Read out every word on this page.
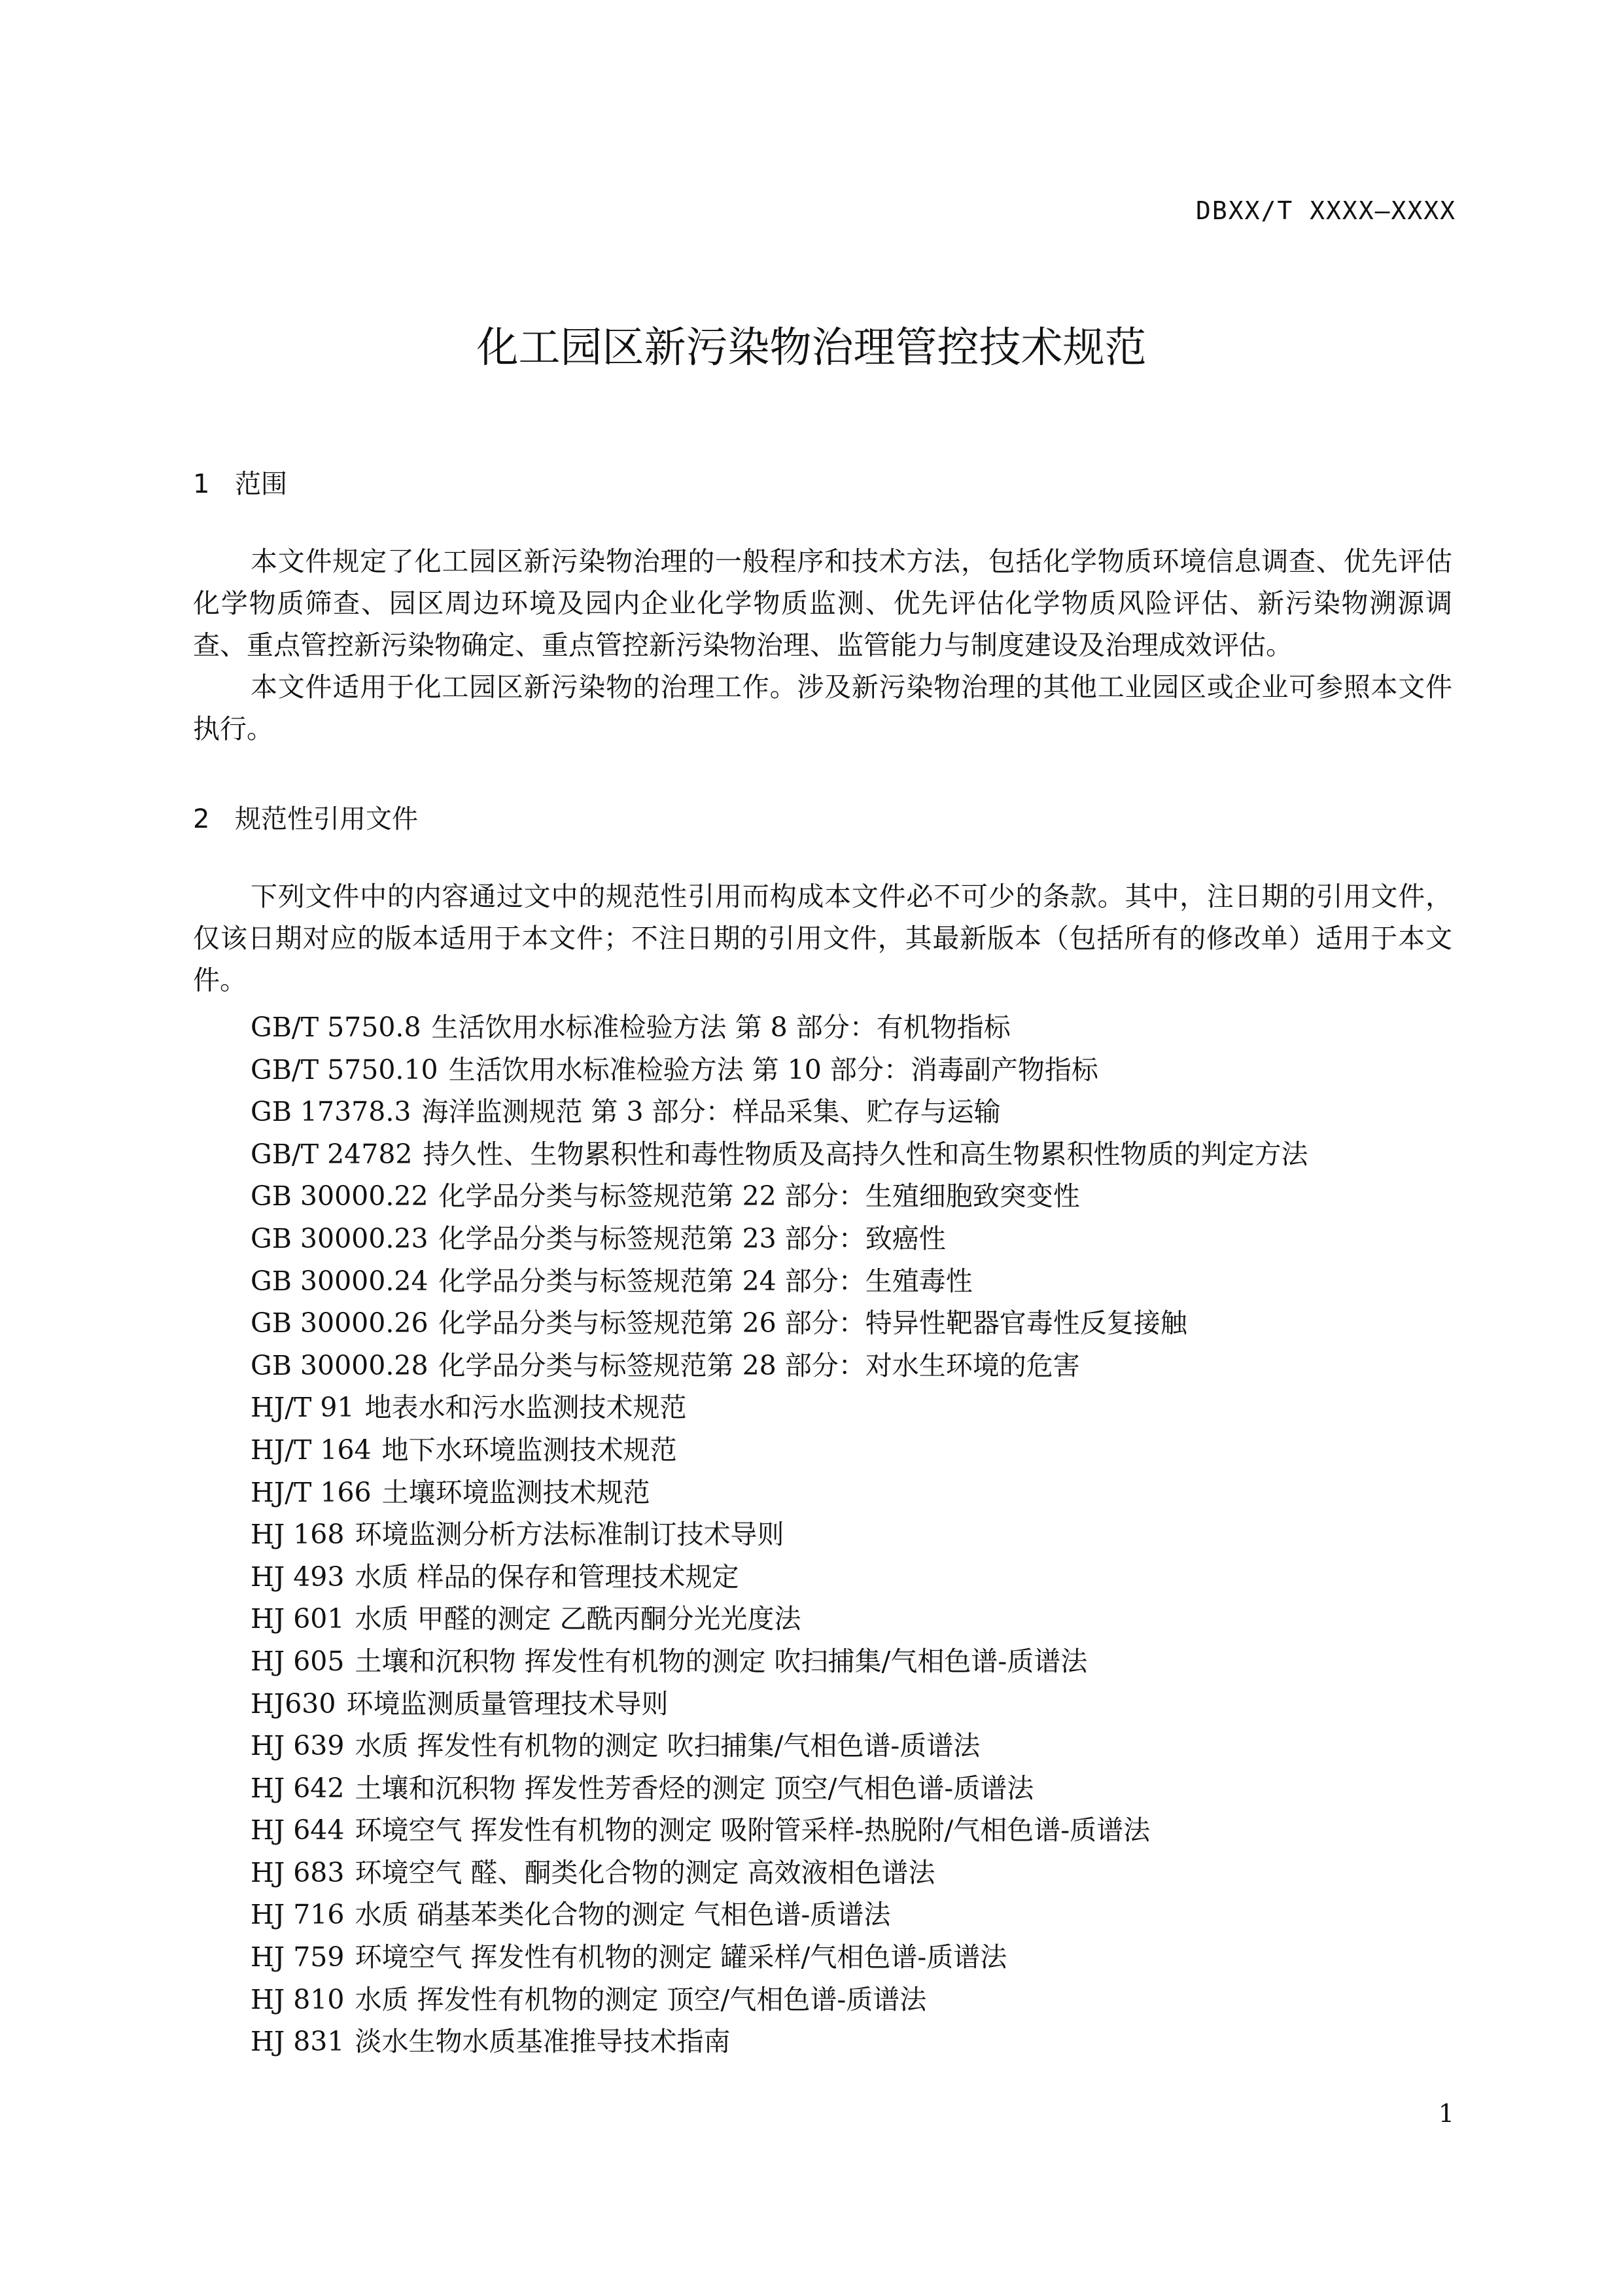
DBXX/T XXXX—XXXX
化工园区新污染物治理管控技术规范
1 范围

本文件规定了化工园区新污染物治理的一般程序和技术方法，包括化学物质环境信息调查、优先评估化学物质筛查、园区周边环境及园内企业化学物质监测、优先评估化学物质风险评估、新污染物溯源调查、重点管控新污染物确定、重点管控新污染物治理、监管能力与制度建设及治理成效评估。

本文件适用于化工园区新污染物的治理工作。涉及新污染物治理的其他工业园区或企业可参照本文件执行。

2 规范性引用文件

下列文件中的内容通过文中的规范性引用而构成本文件必不可少的条款。其中，注日期的引用文件，仅该日期对应的版本适用于本文件；不注日期的引用文件，其最新版本（包括所有的修改单）适用于本文件。

GB/T 5750.8 生活饮用水标准检验方法 第 8 部分：有机物指标
GB/T 5750.10 生活饮用水标准检验方法 第 10 部分：消毒副产物指标
GB 17378.3 海洋监测规范 第 3 部分：样品采集、贮存与运输
GB/T 24782 持久性、生物累积性和毒性物质及高持久性和高生物累积性物质的判定方法
GB 30000.22 化学品分类与标签规范第 22 部分：生殖细胞致突变性
GB 30000.23 化学品分类与标签规范第 23 部分：致癌性
GB 30000.24 化学品分类与标签规范第 24 部分：生殖毒性
GB 30000.26 化学品分类与标签规范第 26 部分：特异性靶器官毒性反复接触
GB 30000.28 化学品分类与标签规范第 28 部分：对水生环境的危害
HJ/T 91 地表水和污水监测技术规范
HJ/T 164 地下水环境监测技术规范
HJ/T 166 土壤环境监测技术规范
HJ 168 环境监测分析方法标准制订技术导则
HJ 493 水质 样品的保存和管理技术规定
HJ 601 水质 甲醛的测定 乙酰丙酮分光光度法
HJ 605 土壤和沉积物 挥发性有机物的测定 吹扫捕集/气相色谱-质谱法
HJ630 环境监测质量管理技术导则
HJ 639 水质 挥发性有机物的测定 吹扫捕集/气相色谱-质谱法
HJ 642 土壤和沉积物 挥发性芳香烃的测定 顶空/气相色谱-质谱法
HJ 644 环境空气 挥发性有机物的测定 吸附管采样-热脱附/气相色谱-质谱法
HJ 683 环境空气 醛、酮类化合物的测定 高效液相色谱法
HJ 716 水质 硝基苯类化合物的测定 气相色谱-质谱法
HJ 759 环境空气 挥发性有机物的测定 罐采样/气相色谱-质谱法
HJ 810 水质 挥发性有机物的测定 顶空/气相色谱-质谱法
HJ 831 淡水生物水质基准推导技术指南
1
